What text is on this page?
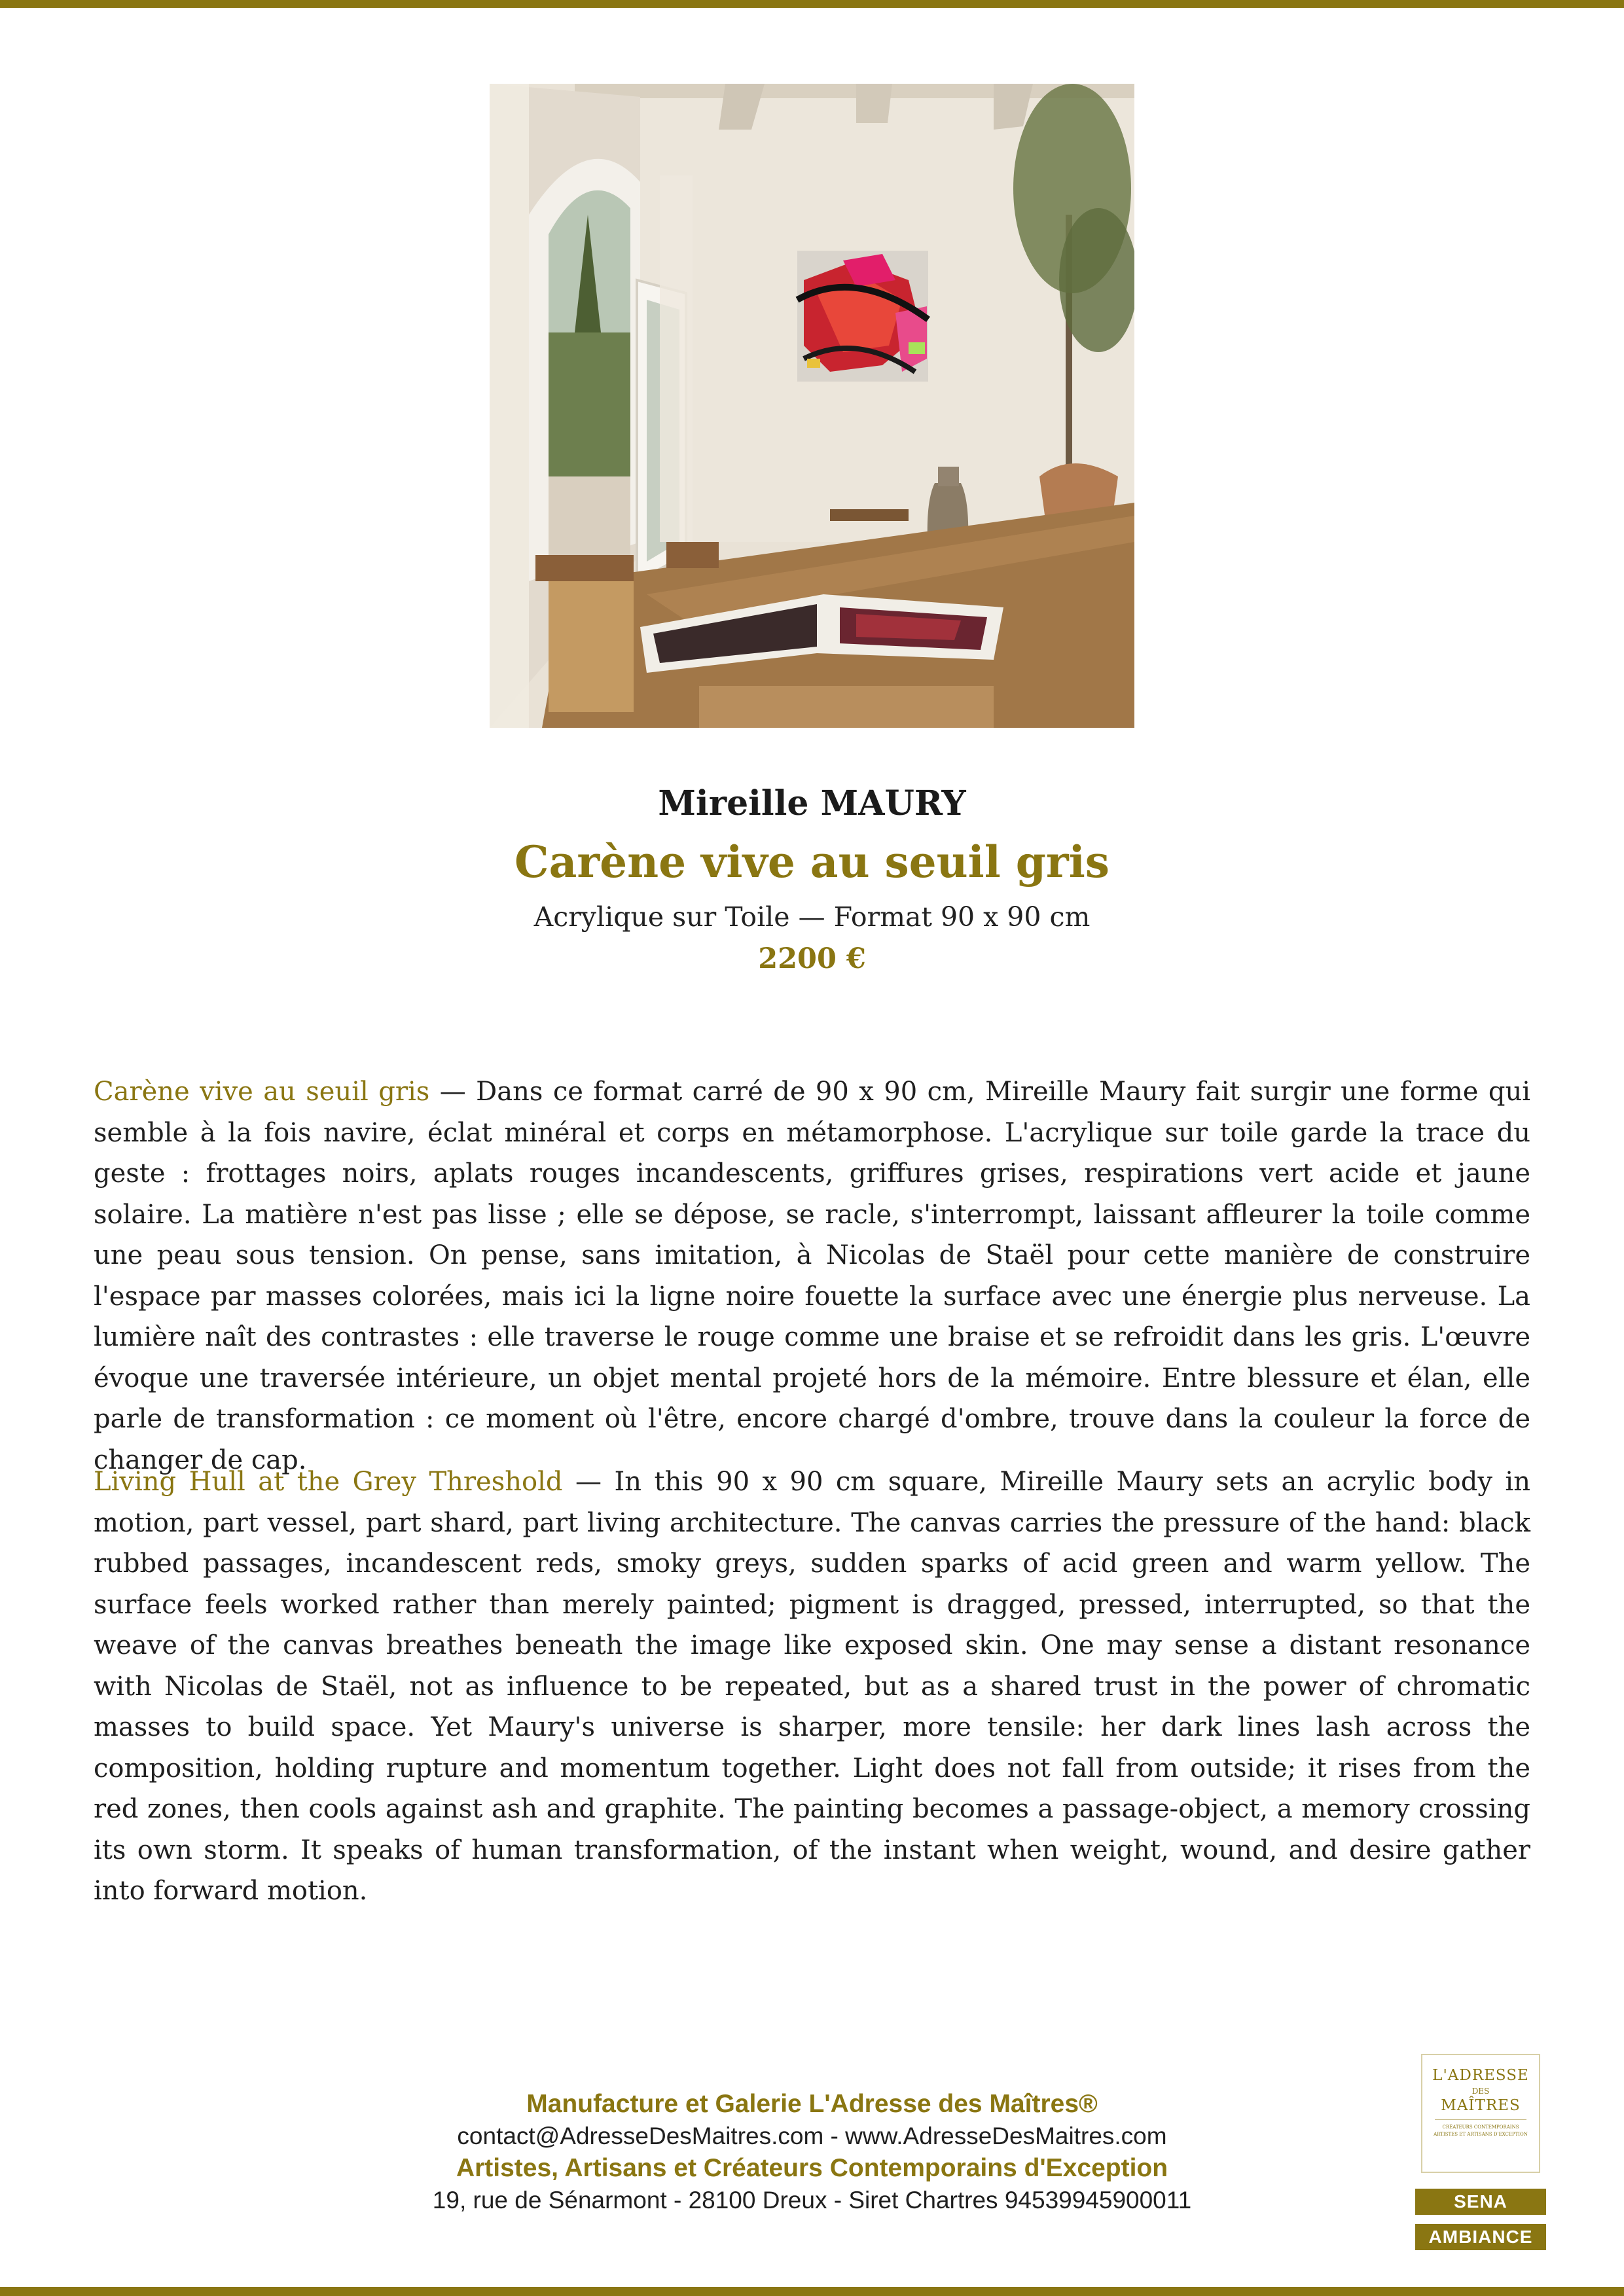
Mireille MAURY
Carène vive au seuil gris
Acrylique sur Toile — Format 90 x 90 cm
2200 €

Carène vive au seuil gris — Dans ce format carré de 90 x 90 cm, Mireille Maury fait surgir une forme qui semble à la fois navire, éclat minéral et corps en métamorphose. L'acrylique sur toile garde la trace du geste : frottages noirs, aplats rouges incandescents, griffures grises, respirations vert acide et jaune solaire. La matière n'est pas lisse ; elle se dépose, se racle, s'interrompt, laissant affleurer la toile comme une peau sous tension. On pense, sans imitation, à Nicolas de Staël pour cette manière de construire l'espace par masses colorées, mais ici la ligne noire fouette la surface avec une énergie plus nerveuse. La lumière naît des contrastes : elle traverse le rouge comme une braise et se refroidit dans les gris. L'œuvre évoque une traversée intérieure, un objet mental projeté hors de la mémoire. Entre blessure et élan, elle parle de transformation : ce moment où l'être, encore chargé d'ombre, trouve dans la couleur la force de changer de cap.

Living Hull at the Grey Threshold — In this 90 x 90 cm square, Mireille Maury sets an acrylic body in motion, part vessel, part shard, part living architecture. The canvas carries the pressure of the hand: black rubbed passages, incandescent reds, smoky greys, sudden sparks of acid green and warm yellow. The surface feels worked rather than merely painted; pigment is dragged, pressed, interrupted, so that the weave of the canvas breathes beneath the image like exposed skin. One may sense a distant resonance with Nicolas de Staël, not as influence to be repeated, but as a shared trust in the power of chromatic masses to build space. Yet Maury's universe is sharper, more tensile: her dark lines lash across the composition, holding rupture and momentum together. Light does not fall from outside; it rises from the red zones, then cools against ash and graphite. The painting becomes a passage-object, a memory crossing its own storm. It speaks of human transformation, of the instant when weight, wound, and desire gather into forward motion.

Manufacture et Galerie L'Adresse des Maîtres®
contact@AdresseDesMaitres.com - www.AdresseDesMaitres.com
Artistes, Artisans et Créateurs Contemporains d'Exception
19, rue de Sénarmont - 28100 Dreux - Siret Chartres 94539945900011
L'ADRESSE
DES
MAÎTRES
CRÉATEURS CONTEMPORAINS ARTISTES ET ARTISANS D'EXCEPTION
SENA
AMBIANCE
